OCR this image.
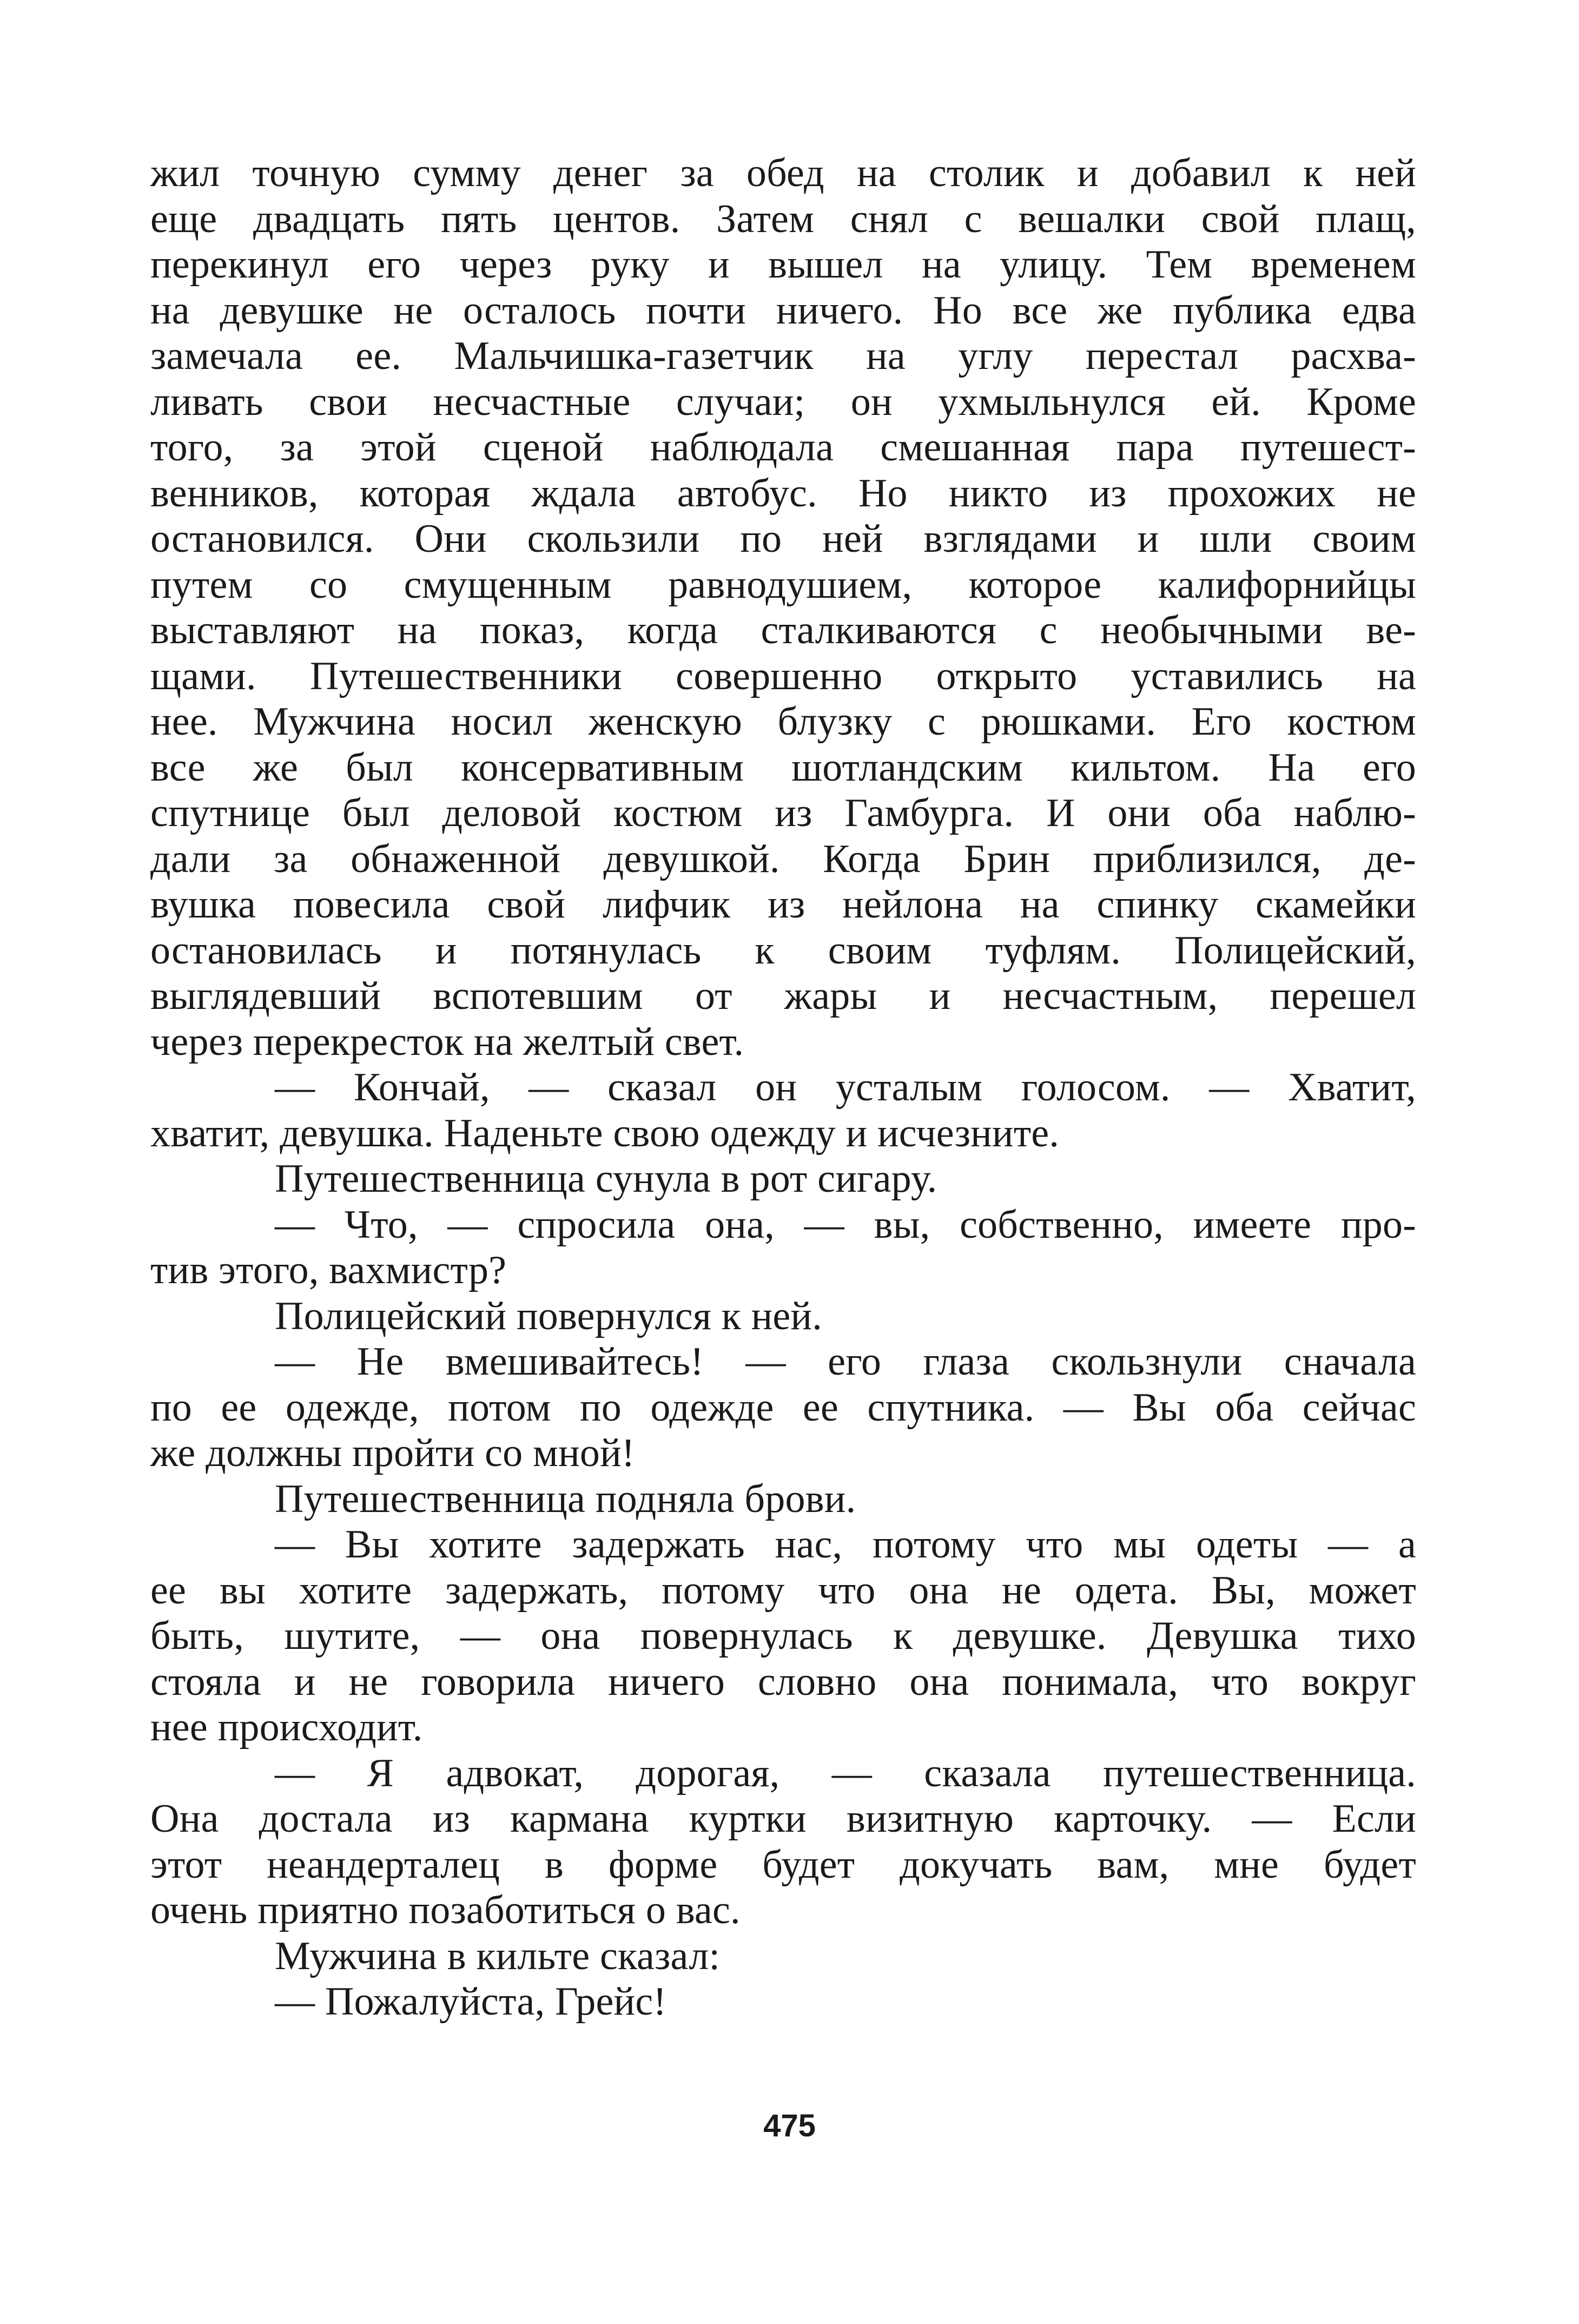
жил точную сумму денег за обед на столик и добавил к ней
еще двадцать пять центов. Затем снял с вешалки свой плащ,
перекинул его через руку и вышел на улицу. Тем временем
на девушке не осталось почти ничего. Но все же публика едва
замечала ее. Мальчишка-газетчик на углу перестал расхва-
ливать свои несчастные случаи; он ухмыльнулся ей. Кроме
того, за этой сценой наблюдала смешанная пара путешест-
венников, которая ждала автобус. Но никто из прохожих не
остановился. Они скользили по ней взглядами и шли своим
путем со смущенным равнодушием, которое калифорнийцы
выставляют на показ, когда сталкиваются с необычными ве-
щами. Путешественники совершенно открыто уставились на
нее. Мужчина носил женскую блузку с рюшками. Его костюм
все же был консервативным шотландским кильтом. На его
спутнице был деловой костюм из Гамбурга. И они оба наблю-
дали за обнаженной девушкой. Когда Брин приблизился, де-
вушка повесила свой лифчик из нейлона на спинку скамейки
остановилась и потянулась к своим туфлям. Полицейский,
выглядевший вспотевшим от жары и несчастным, перешел
через перекресток на желтый свет.
— Кончай, — сказал он усталым голосом. — Хватит,
хватит, девушка. Наденьте свою одежду и исчезните.
Путешественница сунула в рот сигару.
— Что, — спросила она, — вы, собственно, имеете про-
тив этого, вахмистр?
Полицейский повернулся к ней.
— Не вмешивайтесь! — его глаза скользнули сначала
по ее одежде, потом по одежде ее спутника. — Вы оба сейчас
же должны пройти со мной!
Путешественница подняла брови.
— Вы хотите задержать нас, потому что мы одеты — а
ее вы хотите задержать, потому что она не одета. Вы, может
быть, шутите, — она повернулась к девушке. Девушка тихо
стояла и не говорила ничего словно она понимала, что вокруг
нее происходит.
— Я адвокат, дорогая, — сказала путешественница.
Она достала из кармана куртки визитную карточку. — Если
этот неандерталец в форме будет докучать вам, мне будет
очень приятно позаботиться о вас.
Мужчина в кильте сказал:
— Пожалуйста, Грейс!
475
